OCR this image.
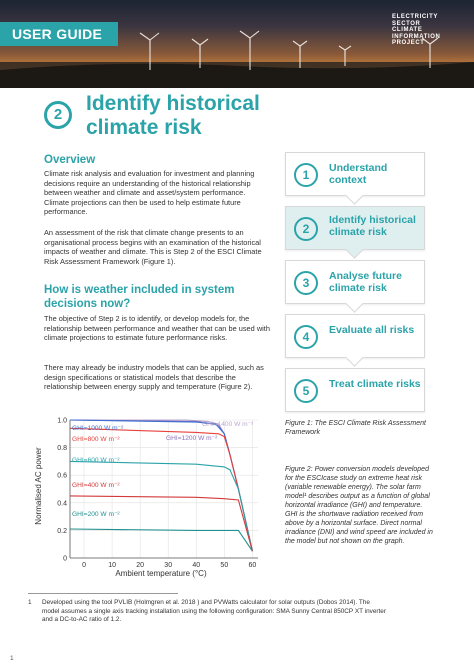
USER GUIDE
ELECTRICITY
SECTOR
CLIMATE
INFORMATION
PROJECT
2	Identify historical climate risk
Overview

Climate risk analysis and evaluation for investment and planning decisions require an understanding of the historical relationship between weather and climate and asset/system performance. Climate projections can then be used to help estimate future performance.

An assessment of the risk that climate change presents to an organisational process begins with an examination of the historical impacts of weather and climate. This is Step 2 of the ESCI Climate Risk Assessment Framework (Figure 1).

How is weather included in system decisions now?

The objective of Step 2 is to identify, or develop models for, the relationship between performance and weather that can be used with climate projections to estimate future performance risks.

There may already be industry models that can be applied, such as design specifications or statistical models that describe the relationship between energy supply and temperature (Figure 2).

1	Understand context
2
Identify historical climate risk
3	Analyse future climate risk
4	Evaluate all risks
5	Treat climate risks
Figure 1: The ESCI Climate Risk Assessment Framework
Figure 2: Power conversion models developed for the ESCIcase study on extreme heat risk (variable renewable energy). The solar farm model¹ describes output as a function of global horizontal irradiance (GHI) and temperature. GHI is the shortwave radiation received from above by a horizontal surface. Direct normal irradiance (DNI) and wind speed are included in the model but not shown on the graph.
GHI=1400 W m⁻²
GHI=1200 W m⁻²
GHI=1000 W m⁻²
GHI=800 W m⁻²
GHI=600 W m⁻²
GHI=400 W m⁻²
GHI=200 W m⁻²
0	10	20	30	40	50	60
0
0.2
0.4
0.6
0.8
1.0
Ambient temperature (°C)
Normalised AC power
1	Developed using the tool PVLIB (Holmgren et al. 2018 ) and PVWatts calculator for solar outputs (Dobos 2014). The model assumes a single axis tracking installation using the following configuration: SMA Sunny Central 850CP XT inverter and a DC-to-AC ratio of 1.2.
1
